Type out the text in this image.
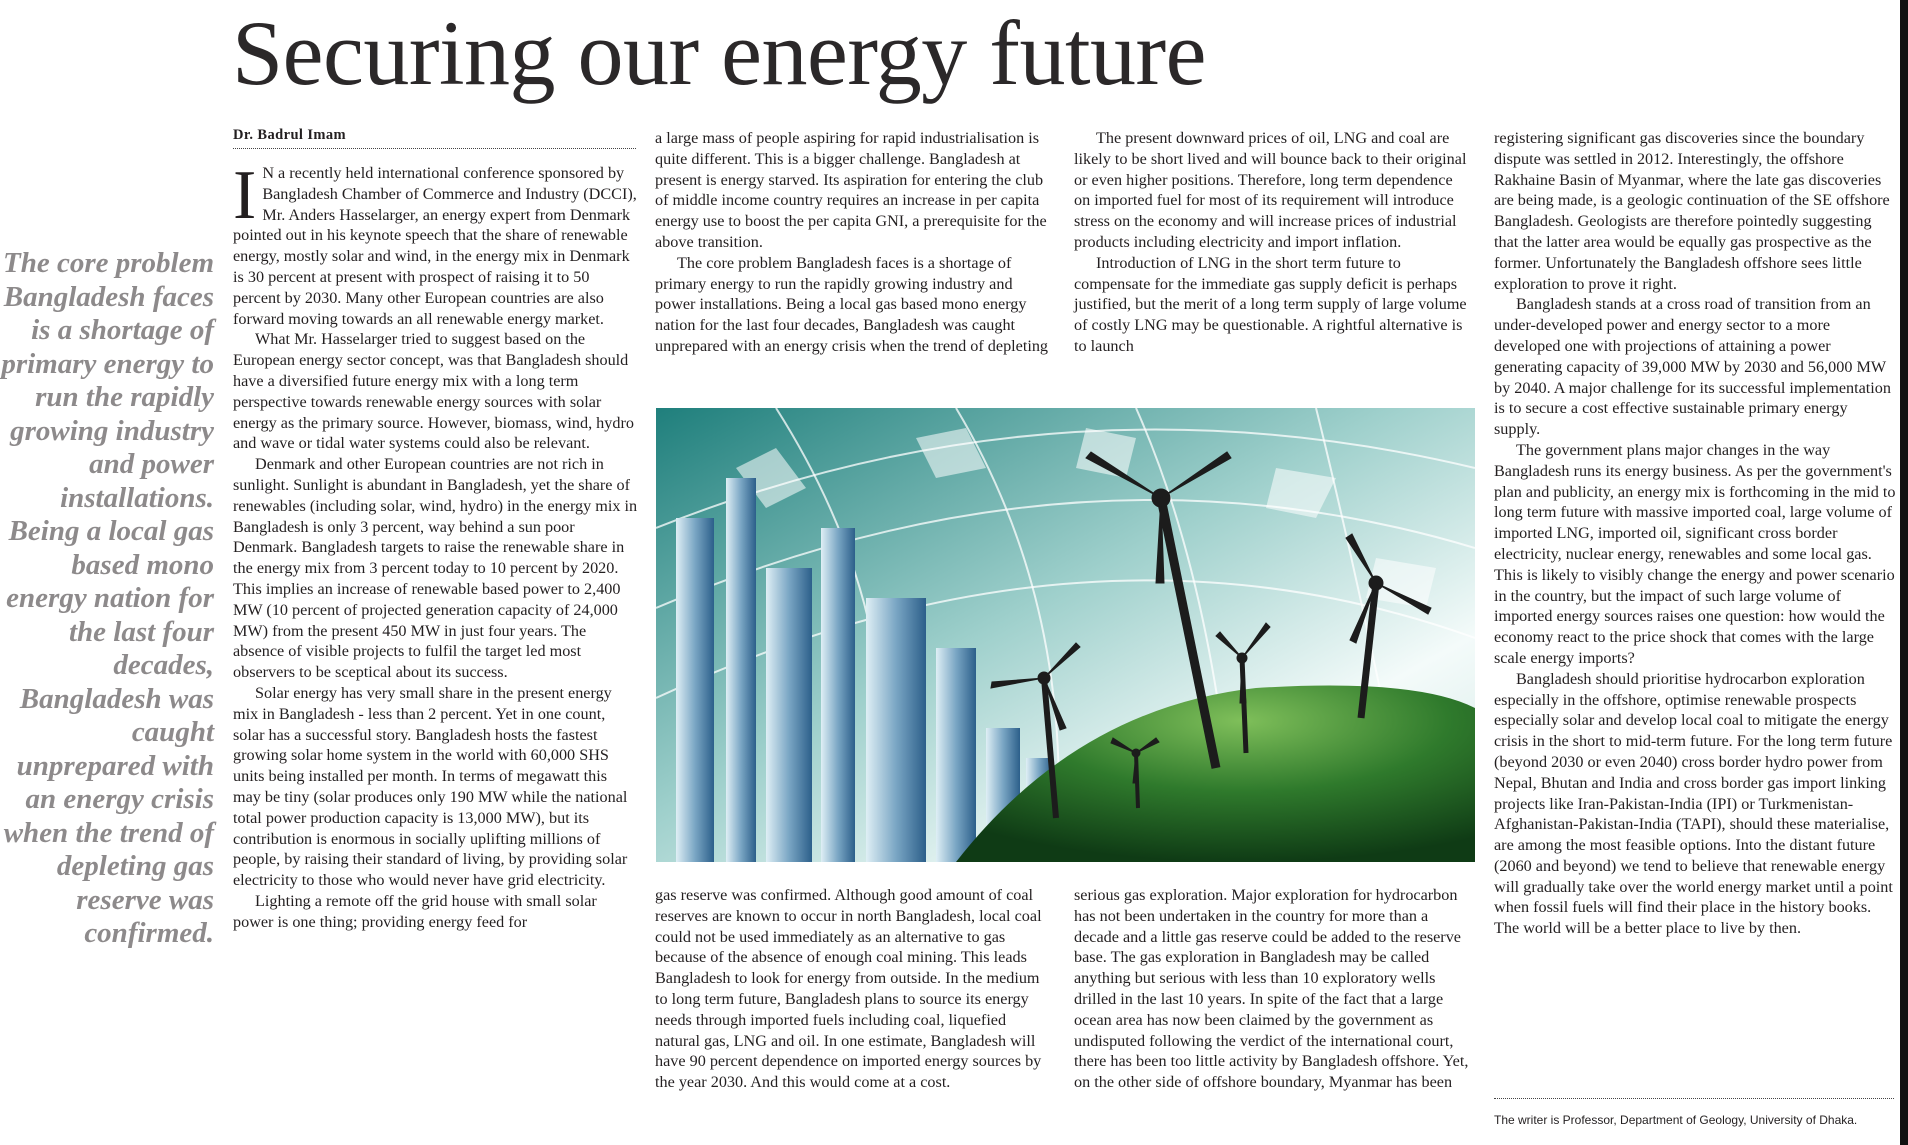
Securing our energy future
Dr. Badrul Imam
The core problem Bangladesh faces is a shortage of primary energy to run the rapidly growing industry and power installations. Being a local gas based mono energy nation for the last four decades, Bangladesh was caught unprepared with an energy crisis when the trend of depleting gas reserve was confirmed.

I N a recently held international conference sponsored by Bangladesh Chamber of Commerce and Industry (DCCI), Mr. Anders Hasselarger, an energy expert from Denmark pointed out in his keynote speech that the share of renewable energy, mostly solar and wind, in the energy mix in Denmark is 30 percent at present with prospect of raising it to 50 percent by 2030. Many other European countries are also forward moving towards an all renewable energy market.

What Mr. Hasselarger tried to suggest based on the European energy sector concept, was that Bangladesh should have a diversified future energy mix with a long term perspective towards renewable energy sources with solar energy as the primary source. However, biomass, wind, hydro and wave or tidal water systems could also be relevant.

Denmark and other European countries are not rich in sunlight. Sunlight is abundant in Bangladesh, yet the share of renewables (including solar, wind, hydro) in the energy mix in Bangladesh is only 3 percent, way behind a sun poor Denmark. Bangladesh targets to raise the renewable share in the energy mix from 3 percent today to 10 percent by 2020. This implies an increase of renewable based power to 2,400 MW (10 percent of projected generation capacity of 24,000 MW) from the present 450 MW in just four years. The absence of visible projects to fulfil the target led most observers to be sceptical about its success.

Solar energy has very small share in the present energy mix in Bangladesh - less than 2 percent. Yet in one count, solar has a successful story. Bangladesh hosts the fastest growing solar home system in the world with 60,000 SHS units being installed per month. In terms of megawatt this may be tiny (solar produces only 190 MW while the national total power production capacity is 13,000 MW), but its contribution is enormous in socially uplifting millions of people, by raising their standard of living, by providing solar electricity to those who would never have grid electricity.

Lighting a remote off the grid house with small solar power is one thing; providing energy feed for

a large mass of people aspiring for rapid industrialisation is quite different. This is a bigger challenge. Bangladesh at present is energy starved. Its aspiration for entering the club of middle income country requires an increase in per capita energy use to boost the per capita GNI, a prerequisite for the above transition.

The core problem Bangladesh faces is a shortage of primary energy to run the rapidly growing industry and power installations. Being a local gas based mono energy nation for the last four decades, Bangladesh was caught unprepared with an energy crisis when the trend of depleting

The present downward prices of oil, LNG and coal are likely to be short lived and will bounce back to their original or even higher positions. Therefore, long term dependence on imported fuel for most of its requirement will introduce stress on the economy and will increase prices of industrial products including electricity and import inflation.

Introduction of LNG in the short term future to compensate for the immediate gas supply deficit is perhaps justified, but the merit of a long term supply of large volume of costly LNG may be questionable. A rightful alternative is to launch

gas reserve was confirmed. Although good amount of coal reserves are known to occur in north Bangladesh, local coal could not be used immediately as an alternative to gas because of the absence of enough coal mining. This leads Bangladesh to look for energy from outside. In the medium to long term future, Bangladesh plans to source its energy needs through imported fuels including coal, liquefied natural gas, LNG and oil. In one estimate, Bangladesh will have 90 percent dependence on imported energy sources by the year 2030. And this would come at a cost.

serious gas exploration. Major exploration for hydrocarbon has not been undertaken in the country for more than a decade and a little gas reserve could be added to the reserve base. The gas exploration in Bangladesh may be called anything but serious with less than 10 exploratory wells drilled in the last 10 years. In spite of the fact that a large ocean area has now been claimed by the government as undisputed following the verdict of the international court, there has been too little activity by Bangladesh offshore. Yet, on the other side of offshore boundary, Myanmar has been

registering significant gas discoveries since the boundary dispute was settled in 2012. Interestingly, the offshore Rakhaine Basin of Myanmar, where the late gas discoveries are being made, is a geologic continuation of the SE offshore Bangladesh. Geologists are therefore pointedly suggesting that the latter area would be equally gas prospective as the former. Unfortunately the Bangladesh offshore sees little exploration to prove it right.

Bangladesh stands at a cross road of transition from an under-developed power and energy sector to a more developed one with projections of attaining a power generating capacity of 39,000 MW by 2030 and 56,000 MW by 2040. A major challenge for its successful implementation is to secure a cost effective sustainable primary energy supply.

The government plans major changes in the way Bangladesh runs its energy business. As per the government's plan and publicity, an energy mix is forthcoming in the mid to long term future with massive imported coal, large volume of imported LNG, imported oil, significant cross border electricity, nuclear energy, renewables and some local gas. This is likely to visibly change the energy and power scenario in the country, but the impact of such large volume of imported energy sources raises one question: how would the economy react to the price shock that comes with the large scale energy imports?

Bangladesh should prioritise hydrocarbon exploration especially in the offshore, optimise renewable prospects especially solar and develop local coal to mitigate the energy crisis in the short to mid-term future. For the long term future (beyond 2030 or even 2040) cross border hydro power from Nepal, Bhutan and India and cross border gas import linking projects like Iran-Pakistan-India (IPI) or Turkmenistan-Afghanistan-Pakistan-India (TAPI), should these materialise, are among the most feasible options. Into the distant future (2060 and beyond) we tend to believe that renewable energy will gradually take over the world energy market until a point when fossil fuels will find their place in the history books. The world will be a better place to live by then.

The writer is Professor, Department of Geology, University of Dhaka.
